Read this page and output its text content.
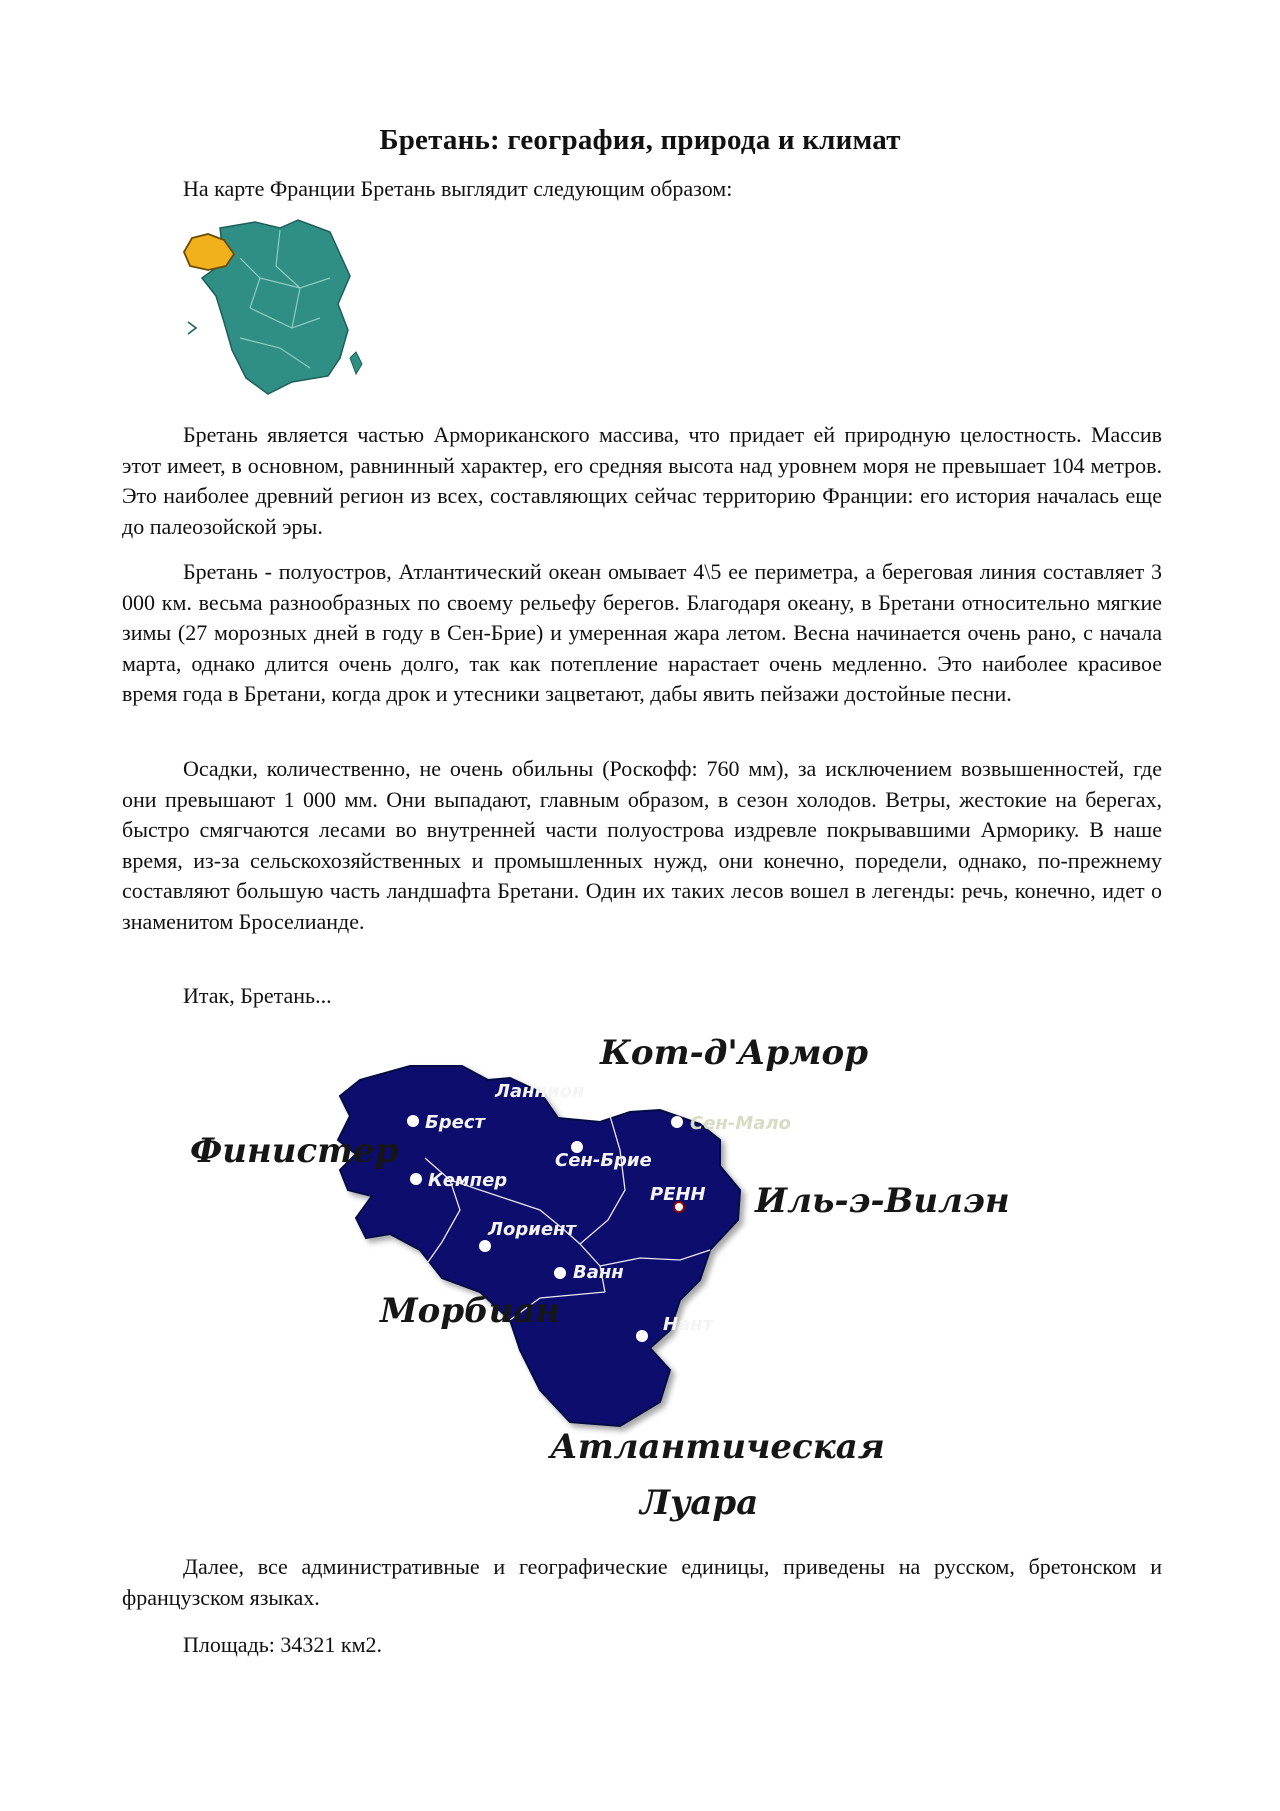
Бретань: география, природа и климат
На карте Франции Бретань выглядит следующим образом:

Бретань является частью Арморикaнского массива, что придает ей природную целостность. Массив этот имеет, в основном, равнинный характер, его средняя высота над уровнем моря не превышает 104 метров. Это наиболее древний регион из всех, составляющих сейчас территорию Франции: его история началась еще до палеозойской эры.

Бретань - полуостров, Атлантический океан омывает 4\5 ее периметра, а береговая линия составляет 3 000 км. весьма разнообразных по своему рельефу берегов. Благодаря океану, в Бретани относительно мягкие зимы (27 морозных дней в году в Сен-Брие) и умеренная жара летом. Весна начинается очень рано, с начала марта, однако длится очень долго, так как потепление нарастает очень медленно. Это наиболее красивое время года в Бретани, когда дрок и утесники зацветают, дабы явить пейзажи достойные песни.

Осадки, количественно, не очень обильны (Роскофф: 760 мм), за исключением возвышенностей, где они превышают 1 000 мм. Они выпадают, главным образом, в сезон холодов. Ветры, жестокие на берегах, быстро смягчаются лесами во внутренней части полуострова издревле покрывавшими Арморику. В наше время, из-за сельскохозяйственных и промышленных нужд, они конечно, поредели, однако, по-прежнему составляют большую часть ландшафта Бретани. Один их таких лесов вошел в легенды: речь, конечно, идет о знаменитом Броселианде.

Итак, Бретань...

Ланнион
Брест	Сен-Мало
Сен-Брие
Кемпер
РЕНН
Лориент
Ванн
Нант
Кот-д'Армор
Финистер
Иль-э-Вилэн
Морбиан
Атлантическая
Луара

Далее, все административные и географические единицы, приведены на русском, бретонском и французском языках.

Площадь: 34321 км2.
